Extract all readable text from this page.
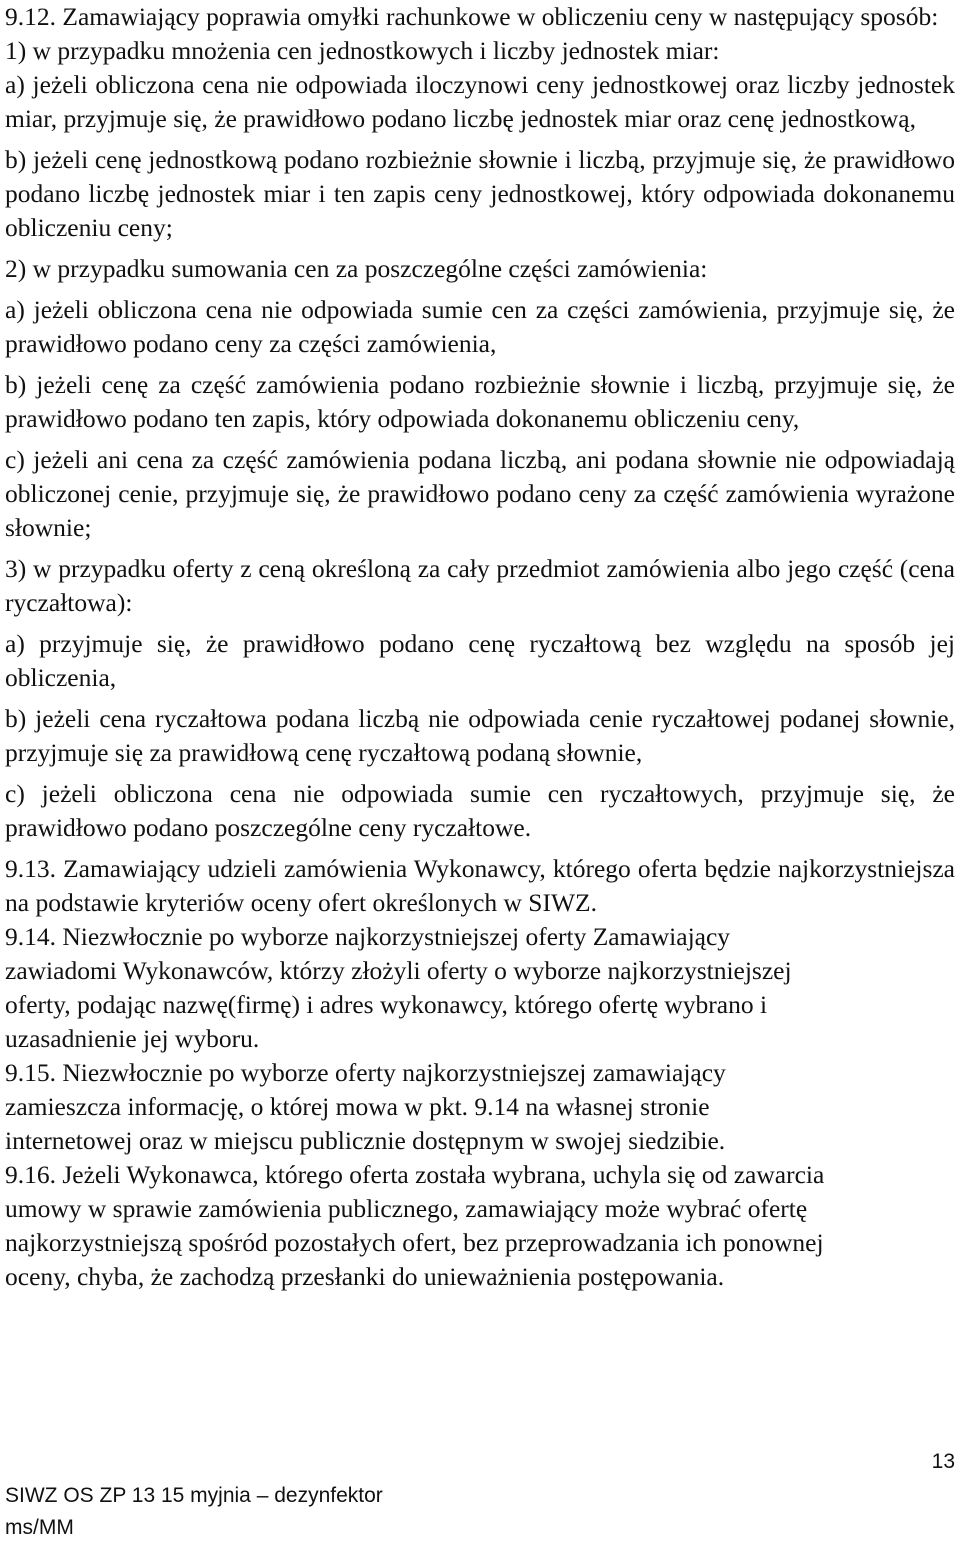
9.12. Zamawiający poprawia omyłki rachunkowe w obliczeniu ceny w następujący sposób:

1) w przypadku mnożenia cen jednostkowych i liczby jednostek miar:

a) jeżeli obliczona cena nie odpowiada iloczynowi ceny jednostkowej oraz liczby jednostek miar, przyjmuje się, że prawidłowo podano liczbę jednostek miar oraz cenę jednostkową,

b) jeżeli cenę jednostkową podano rozbieżnie słownie i liczbą, przyjmuje się, że prawidłowo podano liczbę jednostek miar i ten zapis ceny jednostkowej, który odpowiada dokonanemu obliczeniu ceny;

2) w przypadku sumowania cen za poszczególne części zamówienia:

a) jeżeli obliczona cena nie odpowiada sumie cen za części zamówienia, przyjmuje się, że prawidłowo podano ceny za części zamówienia,

b) jeżeli cenę za część zamówienia podano rozbieżnie słownie i liczbą, przyjmuje się, że prawidłowo podano ten zapis, który odpowiada dokonanemu obliczeniu ceny,

c) jeżeli ani cena za część zamówienia podana liczbą, ani podana słownie nie odpowiadają obliczonej cenie, przyjmuje się, że prawidłowo podano ceny za część zamówienia wyrażone słownie;

3) w przypadku oferty z ceną określoną za cały przedmiot zamówienia albo jego część (cena ryczałtowa):

a) przyjmuje się, że prawidłowo podano cenę ryczałtową bez względu na sposób jej obliczenia,

b) jeżeli cena ryczałtowa podana liczbą nie odpowiada cenie ryczałtowej podanej słownie, przyjmuje się za prawidłową cenę ryczałtową podaną słownie,

c) jeżeli obliczona cena nie odpowiada sumie cen ryczałtowych, przyjmuje się, że prawidłowo podano poszczególne ceny ryczałtowe.

9.13. Zamawiający udzieli zamówienia Wykonawcy, którego oferta będzie najkorzystniejsza na podstawie kryteriów oceny ofert określonych w SIWZ.

9.14. Niezwłocznie po wyborze najkorzystniejszej oferty Zamawiający
zawiadomi Wykonawców, którzy złożyli oferty o wyborze najkorzystniejszej
oferty, podając nazwę(firmę) i adres wykonawcy, którego ofertę wybrano i
uzasadnienie jej wyboru.

9.15. Niezwłocznie po wyborze oferty najkorzystniejszej zamawiający
zamieszcza informację, o której mowa w pkt. 9.14 na własnej stronie
internetowej oraz w miejscu publicznie dostępnym w swojej siedzibie.

9.16. Jeżeli Wykonawca, którego oferta została wybrana, uchyla się od zawarcia
umowy w sprawie zamówienia publicznego, zamawiający może wybrać ofertę
najkorzystniejszą spośród pozostałych ofert, bez przeprowadzania ich ponownej
oceny, chyba, że zachodzą przesłanki do unieważnienia postępowania.

13
SIWZ OS ZP 13 15 myjnia – dezynfektor
ms/MM
